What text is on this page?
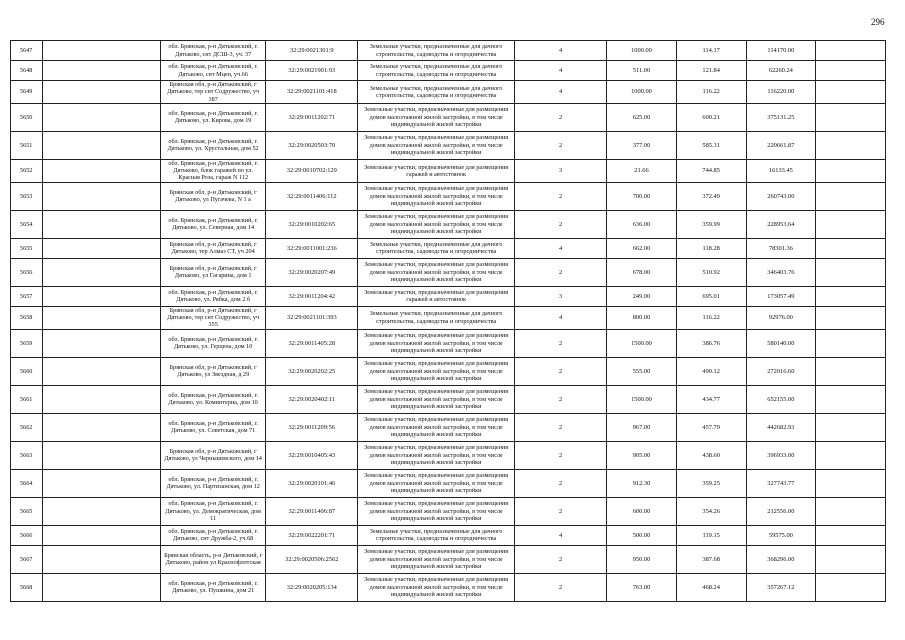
296
5647		обл. Брянская, р-н Дятьковский, г. Дятьково, снт ДСШ-3, уч. 37	32:29:0021301:9	Земельные участки, предназначенные для дачного строительства, садоводства и огородничества	4	1000.00	114.17	114170.00	
5648		обл. Брянская, р-н Дятьковский, г. Дятьково, снт Мцен, уч.66	32:29:0021901:93	Земельные участки, предназначенные для дачного строительства, садоводства и огородничества	4	511.00	121.84	62260.24	
5649		Брянская обл, р-н Дятьковский, г Дятьково, тер снт Содружество, уч 387	32:29:0021101:418	Земельные участки, предназначенные для дачного строительства, садоводства и огородничества	4	1000.00	116.22	116220.00	
5650		обл. Брянская, р-н Дятьковский, г. Дятьково, ул. Кирова, дом 19	32:29:0011202:71	Земельные участки, предназначенные для размещения домов малоэтажной жилой застройки, в том числе индивидуальной жилой застройки	2	625.00	600.21	375131.25	
5651		обл. Брянская, р-н Дятьковский, г. Дятьково, ул. Хрустальная, дом 52	32:29:0020503:70	Земельные участки, предназначенные для размещения домов малоэтажной жилой застройки, в том числе индивидуальной жилой застройки	2	377.00	585.31	220661.87	
5652		обл. Брянская, р-н Дятьковский, г. Дятьково, блок гаражей по ул. Красная Роза, гараж N 112	32:29:0010702:129	Земельные участки, предназначенные для размещения гаражей и автостоянок	3	21.66	744.85	16133.45	
5653		Брянская обл, р-н Дятьковский, г Дятьково, ул Пугачева, N 1 а	32:29:0011406:112	Земельные участки, предназначенные для размещения домов малоэтажной жилой застройки, в том числе индивидуальной жилой застройки	2	700.00	372.49	260743.00	
5654		обл. Брянская, р-н Дятьковский, г. Дятьково, ул. Северная, дом 14	32:29:0010202:65	Земельные участки, предназначенные для размещения домов малоэтажной жилой застройки, в том числе индивидуальной жилой застройки	2	636.00	359.99	228953.64	
5655		Брянская обл, р-н Дятьковский, г Дятьково, тер Алмаз СТ, уч 204	32:29:0011001:236	Земельные участки, предназначенные для дачного строительства, садоводства и огородничества	4	662.00	118.28	78301.36	
5656		Брянская обл, р-н Дятьковский, г Дятьково, ул Гагарина, дом 1	32:29:0020207:49	Земельные участки, предназначенные для размещения домов малоэтажной жилой застройки, в том числе индивидуальной жилой застройки	2	678.00	510.92	346403.76	
5657		обл. Брянская, р-н Дятьковский, г. Дятьково, ул. Рябка, дом 2 б	32:29:0011204:42	Земельные участки, предназначенные для размещения гаражей и автостоянок	3	249.00	695.01	173057.49	
5658		Брянская обл, р-н Дятьковский, г Дятьково, тер снт Содружество, уч 355	32:29:0021101:393	Земельные участки, предназначенные для дачного строительства, садоводства и огородничества	4	800.00	116.22	92976.00	
5659		обл. Брянская, р-н Дятьковский, г. Дятьково, ул. Герцена, дом 10	32:29:0011405:28	Земельные участки, предназначенные для размещения домов малоэтажной жилой застройки, в том числе индивидуальной жилой застройки	2	1500.00	386.76	580140.00	
5660		Брянская обл, р-н Дятьковский, г Дятьково, ул Звездная, д 29	32:29:0020202:25	Земельные участки, предназначенные для размещения домов малоэтажной жилой застройки, в том числе индивидуальной жилой застройки	2	555.00	490.12	272016.60	
5661		обл. Брянская, р-н Дятьковский, г. Дятьково, ул. Коминтерна, дом 10	32:29:0020402:11	Земельные участки, предназначенные для размещения домов малоэтажной жилой застройки, в том числе индивидуальной жилой застройки	2	1500.00	434.77	652155.00	
5662		обл. Брянская, р-н Дятьковский, г. Дятьково, ул. Советская, дом 71	32:29:0011209:56	Земельные участки, предназначенные для размещения домов малоэтажной жилой застройки, в том числе индивидуальной жилой застройки	2	967.00	457.79	442682.93	
5663		Брянская обл, р-н Дятьковский, г Дятьково, ул Чернышевского, дом 14	32:29:0010405:43	Земельные участки, предназначенные для размещения домов малоэтажной жилой застройки, в том числе индивидуальной жилой застройки	2	905.00	438.60	396933.00	
5664		обл. Брянская, р-н Дятьковский, г. Дятьково, ул. Партизанская, дом 12	32:29:0020101:46	Земельные участки, предназначенные для размещения домов малоэтажной жилой застройки, в том числе индивидуальной жилой застройки	2	912.30	359.25	327743.77	
5665		обл. Брянская, р-н Дятьковский, г. Дятьково, ул. Демократическая, дом 11	32:29:0011406:87	Земельные участки, предназначенные для размещения домов малоэтажной жилой застройки, в том числе индивидуальной жилой застройки	2	600.00	354.26	212556.00	
5666		обл. Брянская, р-н Дятьковский, г. Дятьково, снт Дружба-2, уч.68	32:29:0022201:71	Земельные участки, предназначенные для дачного строительства, садоводства и огородничества	4	500.00	119.15	59575.00	
5667		Брянская область, р-н Дятьковский, г Дятьково, район ул Краснофлотская	32:29:0020506:2562	Земельные участки, предназначенные для размещения домов малоэтажной жилой застройки, в том числе индивидуальной жилой застройки	2	950.00	387.68	368296.00	
5668		обл. Брянская, р-н Дятьковский, г. Дятьково, ул. Пушкина, дом 21	32:29:0020205:134	Земельные участки, предназначенные для размещения домов малоэтажной жилой застройки, в том числе индивидуальной жилой застройки	2	763.00	468.24	357267.12	
